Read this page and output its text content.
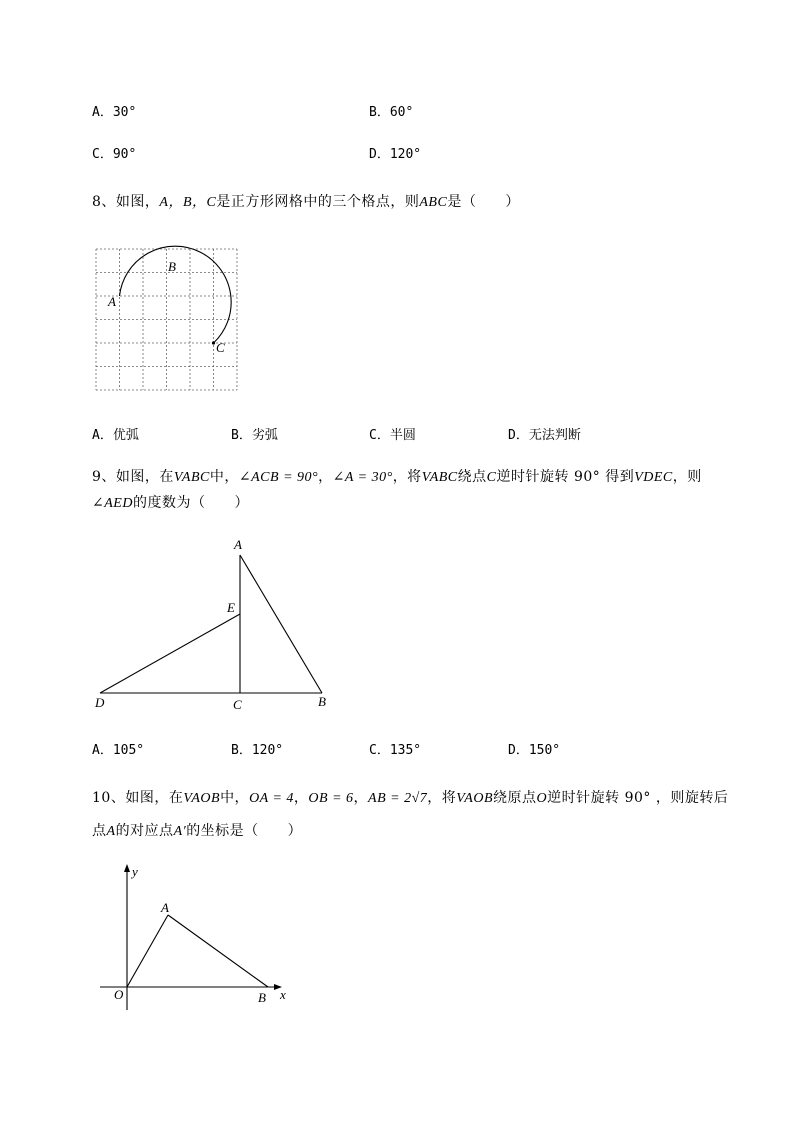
A．30°	B．60°
C．90°	D．120°
8、如图，A，B，C是正方形网格中的三个格点，则ABC是（　　）
B
A
C
A．优弧	B．劣弧	C．半圆	D．无法判断
9、如图，在VABC中，∠ACB = 90°，∠A = 30°，将VABC绕点C逆时针旋转 90° 得到VDEC，则
∠AED的度数为（　　）
A
E
D	C	B
A．105°	B．120°	C．135°	D．150°
10、如图，在VAOB中，OA = 4，OB = 6，AB = 2√7，将VAOB绕原点O逆时针旋转 90° ，则旋转后
点A的对应点A′的坐标是（　　）
y
A
O	B x
